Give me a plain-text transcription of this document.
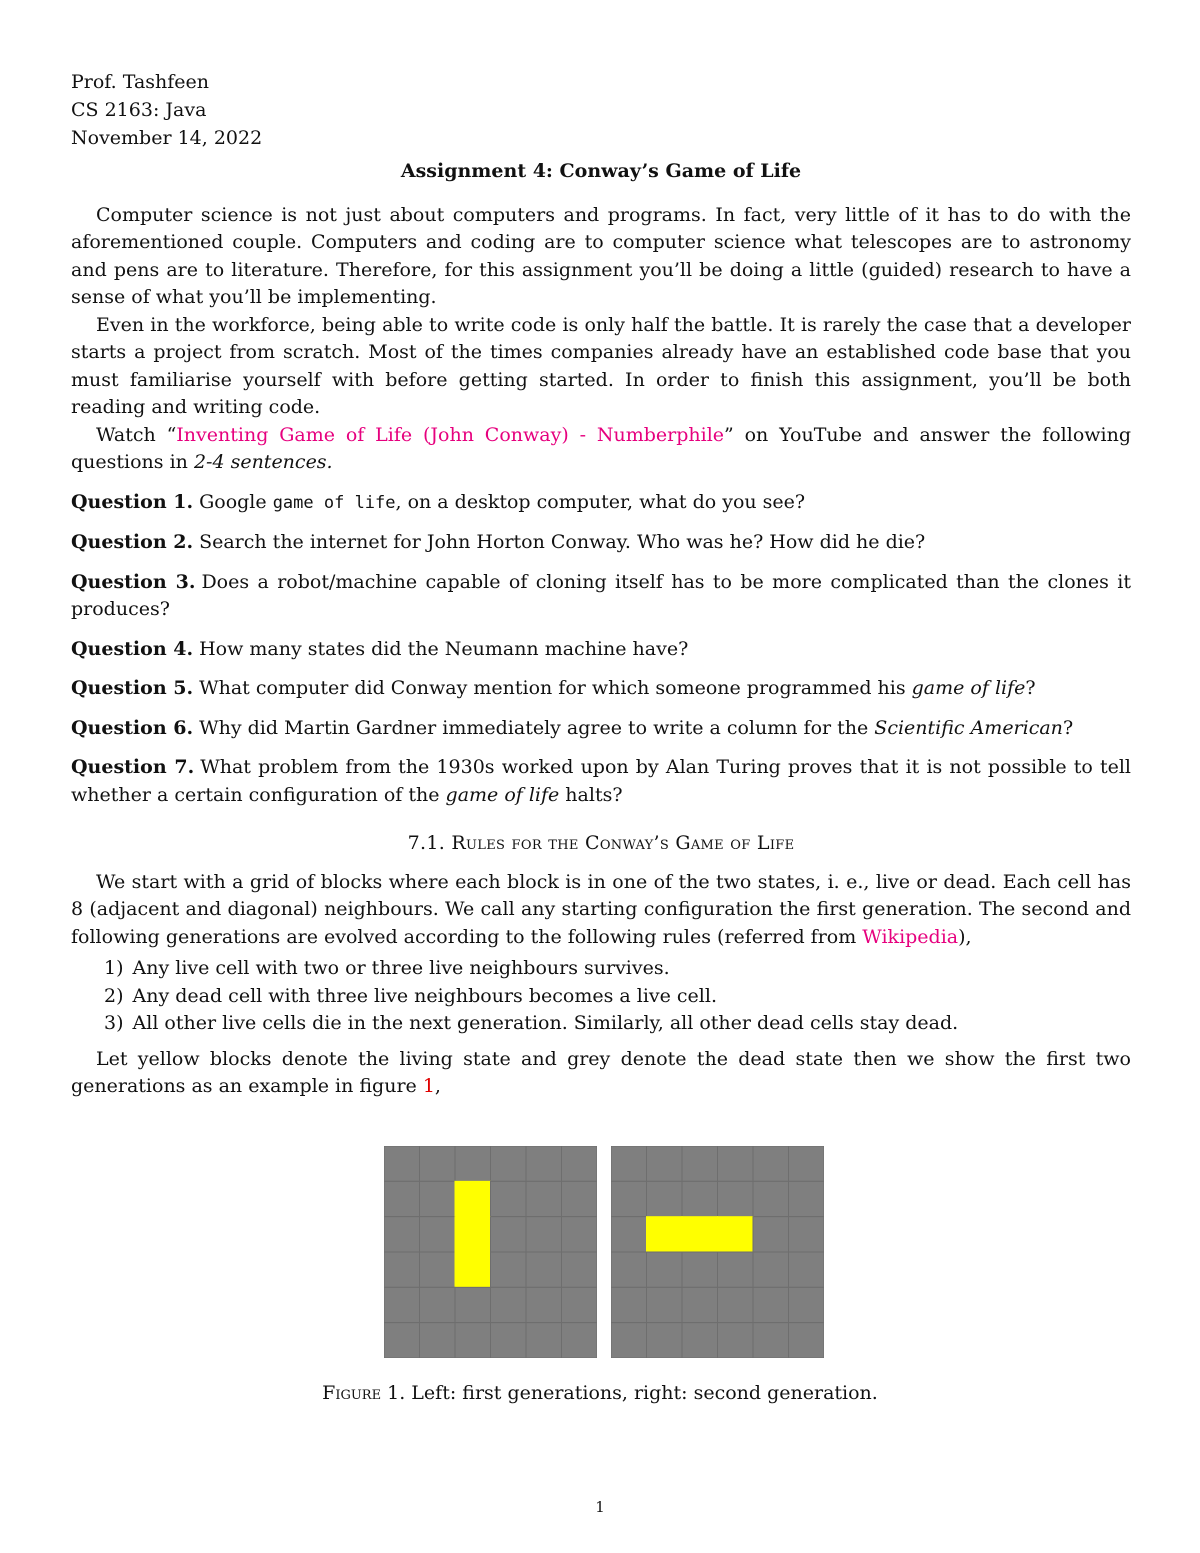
Prof. Tashfeen
CS 2163: Java
November 14, 2022
Assignment 4: Conway’s Game of Life

Computer science is not just about computers and programs. In fact, very little of it has to do with the aforementioned couple. Computers and coding are to computer science what telescopes are to astronomy and pens are to literature. Therefore, for this assignment you’ll be doing a little (guided) research to have a sense of what you’ll be implementing.

Even in the workforce, being able to write code is only half the battle. It is rarely the case that a developer starts a project from scratch. Most of the times companies already have an established code base that you must familiarise yourself with before getting started. In order to finish this assignment, you’ll be both reading and writing code.

Watch “Inventing Game of Life (John Conway) - Numberphile” on YouTube and answer the following questions in 2-4 sentences.

Question 1. Google game of life, on a desktop computer, what do you see?
Question 2. Search the internet for John Horton Conway. Who was he? How did he die?
Question 3. Does a robot/machine capable of cloning itself has to be more complicated than the clones it produces?
Question 4. How many states did the Neumann machine have?
Question 5. What computer did Conway mention for which someone programmed his game of life?
Question 6. Why did Martin Gardner immediately agree to write a column for the Scientific American?
Question 7. What problem from the 1930s worked upon by Alan Turing proves that it is not possible to tell whether a certain configuration of the game of life halts?
7.1. Rules for the Conway’s Game of Life

We start with a grid of blocks where each block is in one of the two states, i. e., live or dead. Each cell has 8 (adjacent and diagonal) neighbours. We call any starting configuration the first generation. The second and following generations are evolved according to the following rules (referred from Wikipedia),

1) Any live cell with two or three live neighbours survives.
2) Any dead cell with three live neighbours becomes a live cell.
3) All other live cells die in the next generation. Similarly, all other dead cells stay dead.

Let yellow blocks denote the living state and grey denote the dead state then we show the first two generations as an example in figure 1,

Figure 1. Left: first generations, right: second generation.
1
